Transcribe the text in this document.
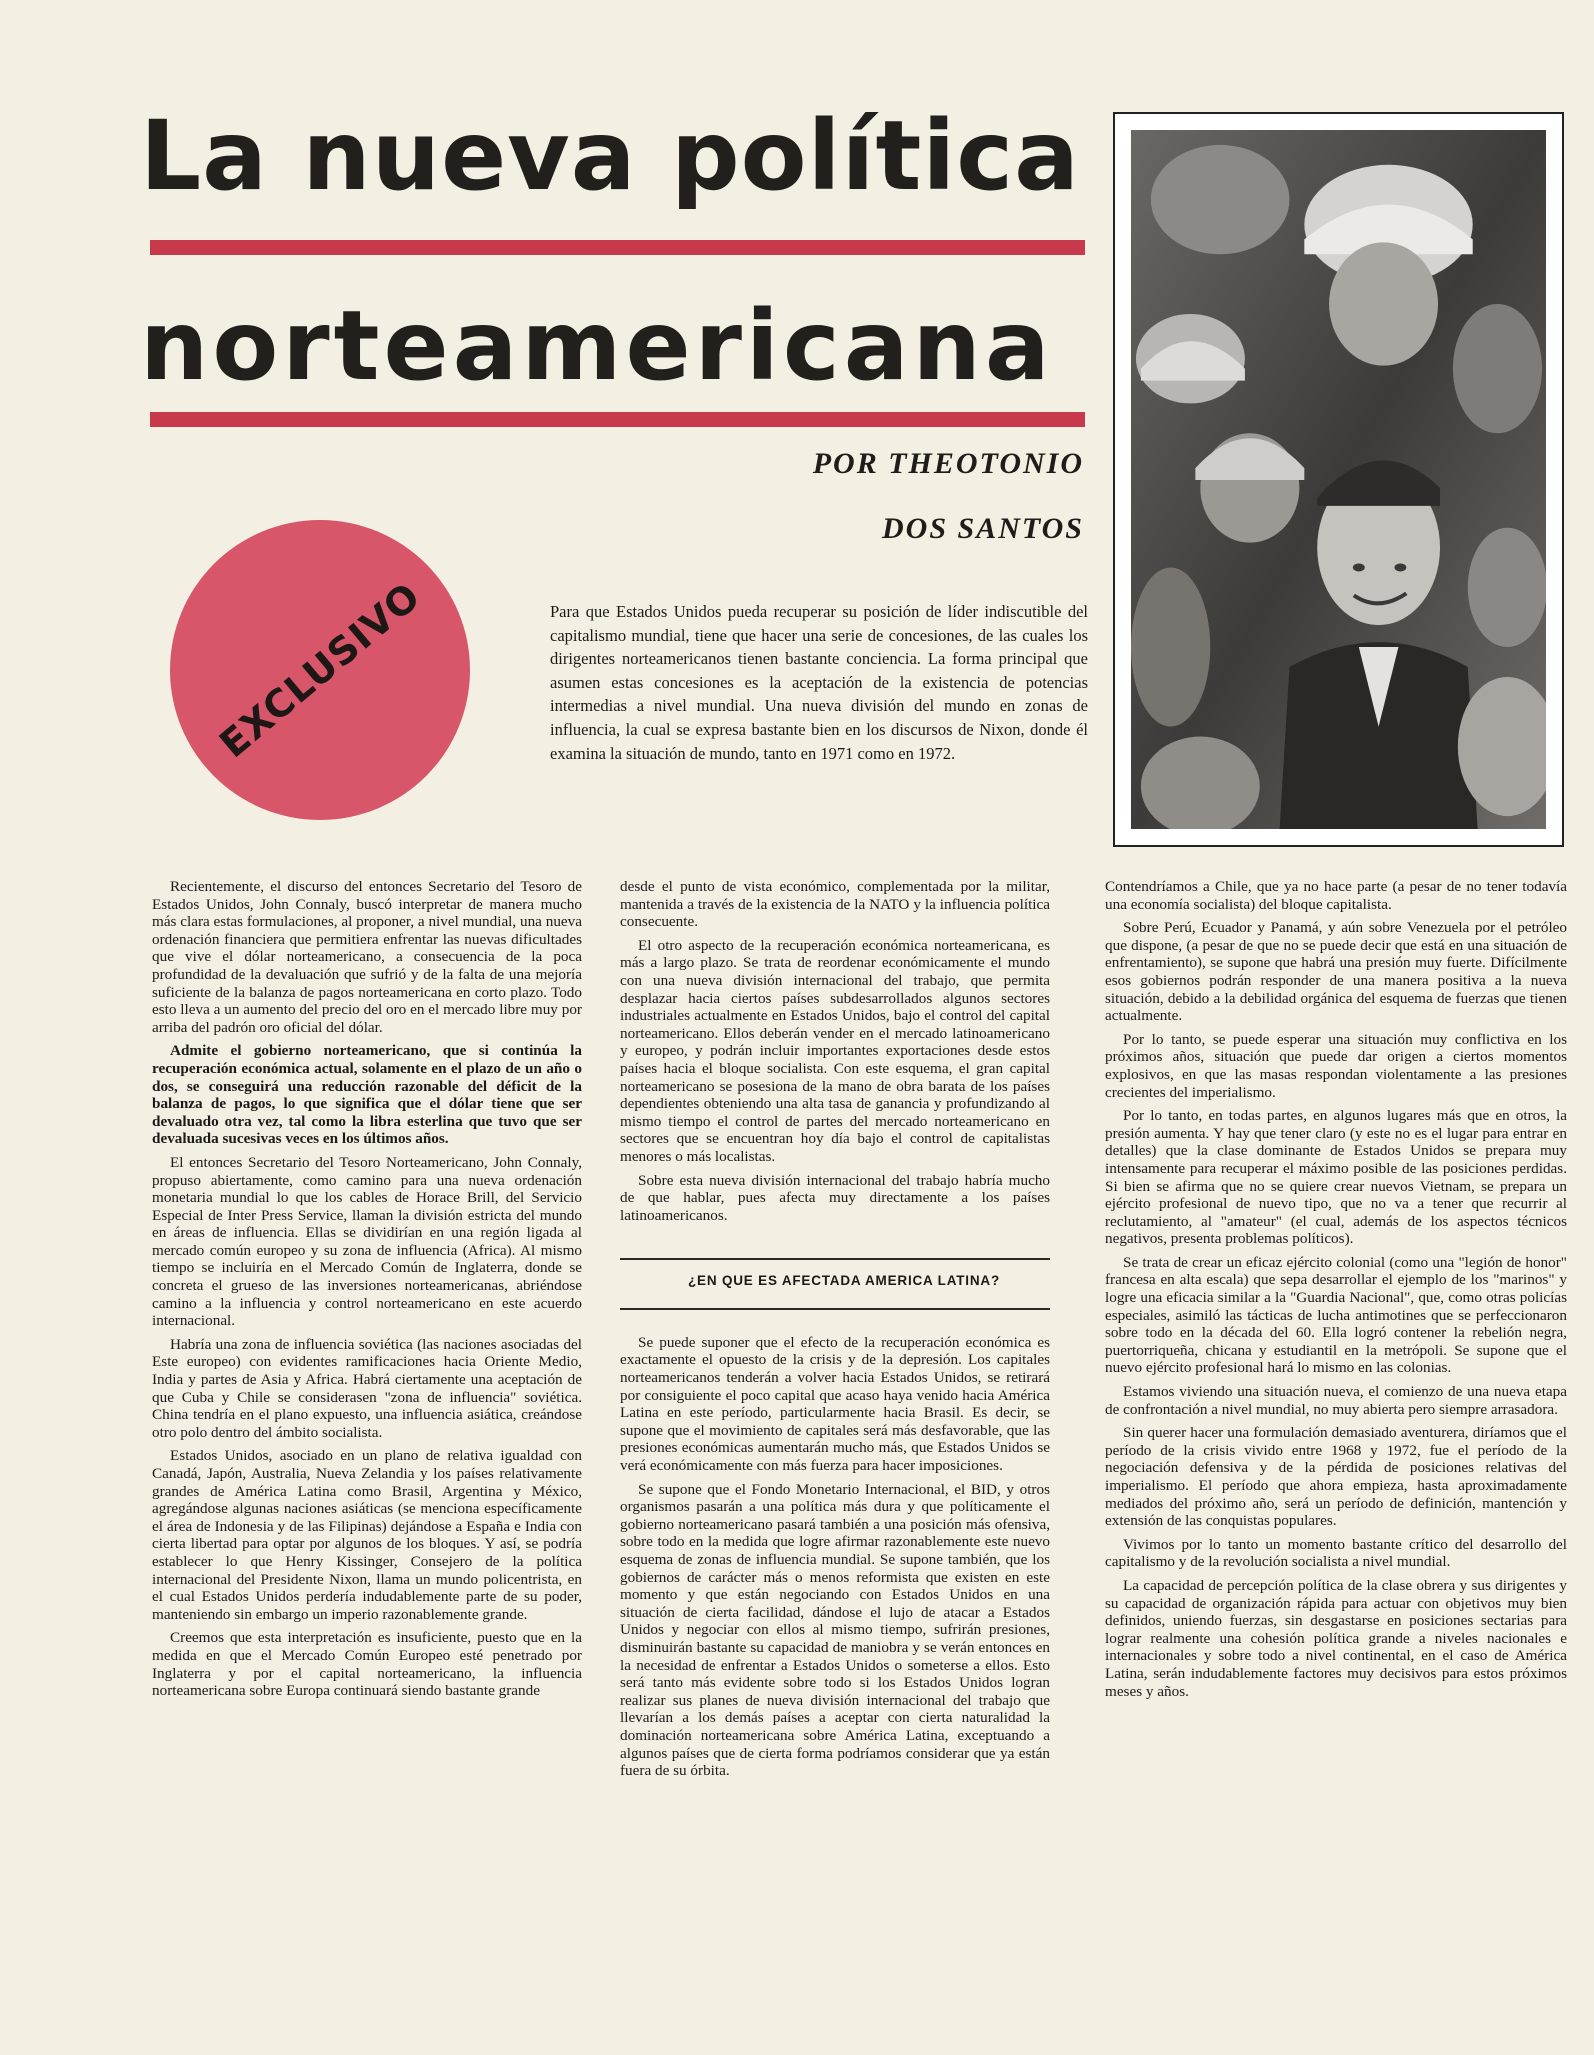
La nueva política
norteamericana

POR THEOTONIO

DOS SANTOS

EXCLUSIVO	Para que Estados Unidos pueda recuperar su posición de líder indiscutible del capitalismo mundial, tiene que hacer una serie de concesiones, de las cuales los dirigentes norteamericanos tienen bastante conciencia. La forma principal que asumen estas concesiones es la aceptación de la existencia de potencias intermedias a nivel mundial. Una nueva división del mundo en zonas de influencia, la cual se expresa bastante bien en los discursos de Nixon, donde él examina la situación de mundo, tanto en 1971 como en 1972.

Recientemente, el discurso del entonces Secretario del Tesoro de Estados Unidos, John Connaly, buscó interpretar de manera mucho más clara estas formulaciones, al proponer, a nivel mundial, una nueva ordenación financiera que permitiera enfrentar las nuevas dificultades que vive el dólar norteamericano, a consecuencia de la poca profundidad de la devaluación que sufrió y de la falta de una mejoría suficiente de la balanza de pagos norteamericana en corto plazo. Todo esto lleva a un aumento del precio del oro en el mercado libre muy por arriba del padrón oro oficial del dólar.

Admite el gobierno norteamericano, que si continúa la recuperación económica actual, solamente en el plazo de un año o dos, se conseguirá una reducción razonable del déficit de la balanza de pagos, lo que significa que el dólar tiene que ser devaluado otra vez, tal como la libra esterlina que tuvo que ser devaluada sucesivas veces en los últimos años.

El entonces Secretario del Tesoro Norteamericano, John Connaly, propuso abiertamente, como camino para una nueva ordenación monetaria mundial lo que los cables de Horace Brill, del Servicio Especial de Inter Press Service, llaman la división estricta del mundo en áreas de influencia. Ellas se dividirían en una región ligada al mercado común europeo y su zona de influencia (Africa). Al mismo tiempo se incluiría en el Mercado Común de Inglaterra, donde se concreta el grueso de las inversiones norteamericanas, abriéndose camino a la influencia y control norteamericano en este acuerdo internacional.

Habría una zona de influencia soviética (las naciones asociadas del Este europeo) con evidentes ramificaciones hacia Oriente Medio, India y partes de Asia y Africa. Habrá ciertamente una aceptación de que Cuba y Chile se considerasen "zona de influencia" soviética. China tendría en el plano expuesto, una influencia asiática, creándose otro polo dentro del ámbito socialista.

Estados Unidos, asociado en un plano de relativa igualdad con Canadá, Japón, Australia, Nueva Zelandia y los países relativamente grandes de América Latina como Brasil, Argentina y México, agregándose algunas naciones asiáticas (se menciona específicamente el área de Indonesia y de las Filipinas) dejándose a España e India con cierta libertad para optar por algunos de los bloques. Y así, se podría establecer lo que Henry Kissinger, Consejero de la política internacional del Presidente Nixon, llama un mundo policentrista, en el cual Estados Unidos perdería indudablemente parte de su poder, manteniendo sin embargo un imperio razonablemente grande.

Creemos que esta interpretación es insuficiente, puesto que en la medida en que el Mercado Común Europeo esté penetrado por Inglaterra y por el capital norteamericano, la influencia norteamericana sobre Europa continuará siendo bastante grande

desde el punto de vista económico, complementada por la militar, mantenida a través de la existencia de la NATO y la influencia política consecuente.

El otro aspecto de la recuperación económica norteamericana, es más a largo plazo. Se trata de reordenar económicamente el mundo con una nueva división internacional del trabajo, que permita desplazar hacia ciertos países subdesarrollados algunos sectores industriales actualmente en Estados Unidos, bajo el control del capital norteamericano. Ellos deberán vender en el mercado latinoamericano y europeo, y podrán incluir importantes exportaciones desde estos países hacia el bloque socialista. Con este esquema, el gran capital norteamericano se posesiona de la mano de obra barata de los países dependientes obteniendo una alta tasa de ganancia y profundizando al mismo tiempo el control de partes del mercado norteamericano en sectores que se encuentran hoy día bajo el control de capitalistas menores o más localistas.

Sobre esta nueva división internacional del trabajo habría mucho de que hablar, pues afecta muy directamente a los países latinoamericanos.

¿EN QUE ES AFECTADA AMERICA LATINA?

Se puede suponer que el efecto de la recuperación económica es exactamente el opuesto de la crisis y de la depresión. Los capitales norteamericanos tenderán a volver hacia Estados Unidos, se retirará por consiguiente el poco capital que acaso haya venido hacia América Latina en este período, particularmente hacia Brasil. Es decir, se supone que el movimiento de capitales será más desfavorable, que las presiones económicas aumentarán mucho más, que Estados Unidos se verá económicamente con más fuerza para hacer imposiciones.

Se supone que el Fondo Monetario Internacional, el BID, y otros organismos pasarán a una política más dura y que políticamente el gobierno norteamericano pasará también a una posición más ofensiva, sobre todo en la medida que logre afirmar razonablemente este nuevo esquema de zonas de influencia mundial. Se supone también, que los gobiernos de carácter más o menos reformista que existen en este momento y que están negociando con Estados Unidos en una situación de cierta facilidad, dándose el lujo de atacar a Estados Unidos y negociar con ellos al mismo tiempo, sufrirán presiones, disminuirán bastante su capacidad de maniobra y se verán entonces en la necesidad de enfrentar a Estados Unidos o someterse a ellos. Esto será tanto más evidente sobre todo si los Estados Unidos logran realizar sus planes de nueva división internacional del trabajo que llevarían a los demás países a aceptar con cierta naturalidad la dominación norteamericana sobre América Latina, exceptuando a algunos países que de cierta forma podríamos considerar que ya están fuera de su órbita.

Contendríamos a Chile, que ya no hace parte (a pesar de no tener todavía una economía socialista) del bloque capitalista.

Sobre Perú, Ecuador y Panamá, y aún sobre Venezuela por el petróleo que dispone, (a pesar de que no se puede decir que está en una situación de enfrentamiento), se supone que habrá una presión muy fuerte. Difícilmente esos gobiernos podrán responder de una manera positiva a la nueva situación, debido a la debilidad orgánica del esquema de fuerzas que tienen actualmente.

Por lo tanto, se puede esperar una situación muy conflictiva en los próximos años, situación que puede dar origen a ciertos momentos explosivos, en que las masas respondan violentamente a las presiones crecientes del imperialismo.

Por lo tanto, en todas partes, en algunos lugares más que en otros, la presión aumenta. Y hay que tener claro (y este no es el lugar para entrar en detalles) que la clase dominante de Estados Unidos se prepara muy intensamente para recuperar el máximo posible de las posiciones perdidas. Si bien se afirma que no se quiere crear nuevos Vietnam, se prepara un ejército profesional de nuevo tipo, que no va a tener que recurrir al reclutamiento, al "amateur" (el cual, además de los aspectos técnicos negativos, presenta problemas políticos).

Se trata de crear un eficaz ejército colonial (como una "legión de honor" francesa en alta escala) que sepa desarrollar el ejemplo de los "marinos" y logre una eficacia similar a la "Guardia Nacional", que, como otras policías especiales, asimiló las tácticas de lucha antimotines que se perfeccionaron sobre todo en la década del 60. Ella logró contener la rebelión negra, puertorriqueña, chicana y estudiantil en la metrópoli. Se supone que el nuevo ejército profesional hará lo mismo en las colonias.

Estamos viviendo una situación nueva, el comienzo de una nueva etapa de confrontación a nivel mundial, no muy abierta pero siempre arrasadora.

Sin querer hacer una formulación demasiado aventurera, diríamos que el período de la crisis vivido entre 1968 y 1972, fue el período de la negociación defensiva y de la pérdida de posiciones relativas del imperialismo. El período que ahora empieza, hasta aproximadamente mediados del próximo año, será un período de definición, mantención y extensión de las conquistas populares.

Vivimos por lo tanto un momento bastante crítico del desarrollo del capitalismo y de la revolución socialista a nivel mundial.

La capacidad de percepción política de la clase obrera y sus dirigentes y su capacidad de organización rápida para actuar con objetivos muy bien definidos, uniendo fuerzas, sin desgastarse en posiciones sectarias para lograr realmente una cohesión política grande a niveles nacionales e internacionales y sobre todo a nivel continental, en el caso de América Latina, serán indudablemente factores muy decisivos para estos próximos meses y años.
